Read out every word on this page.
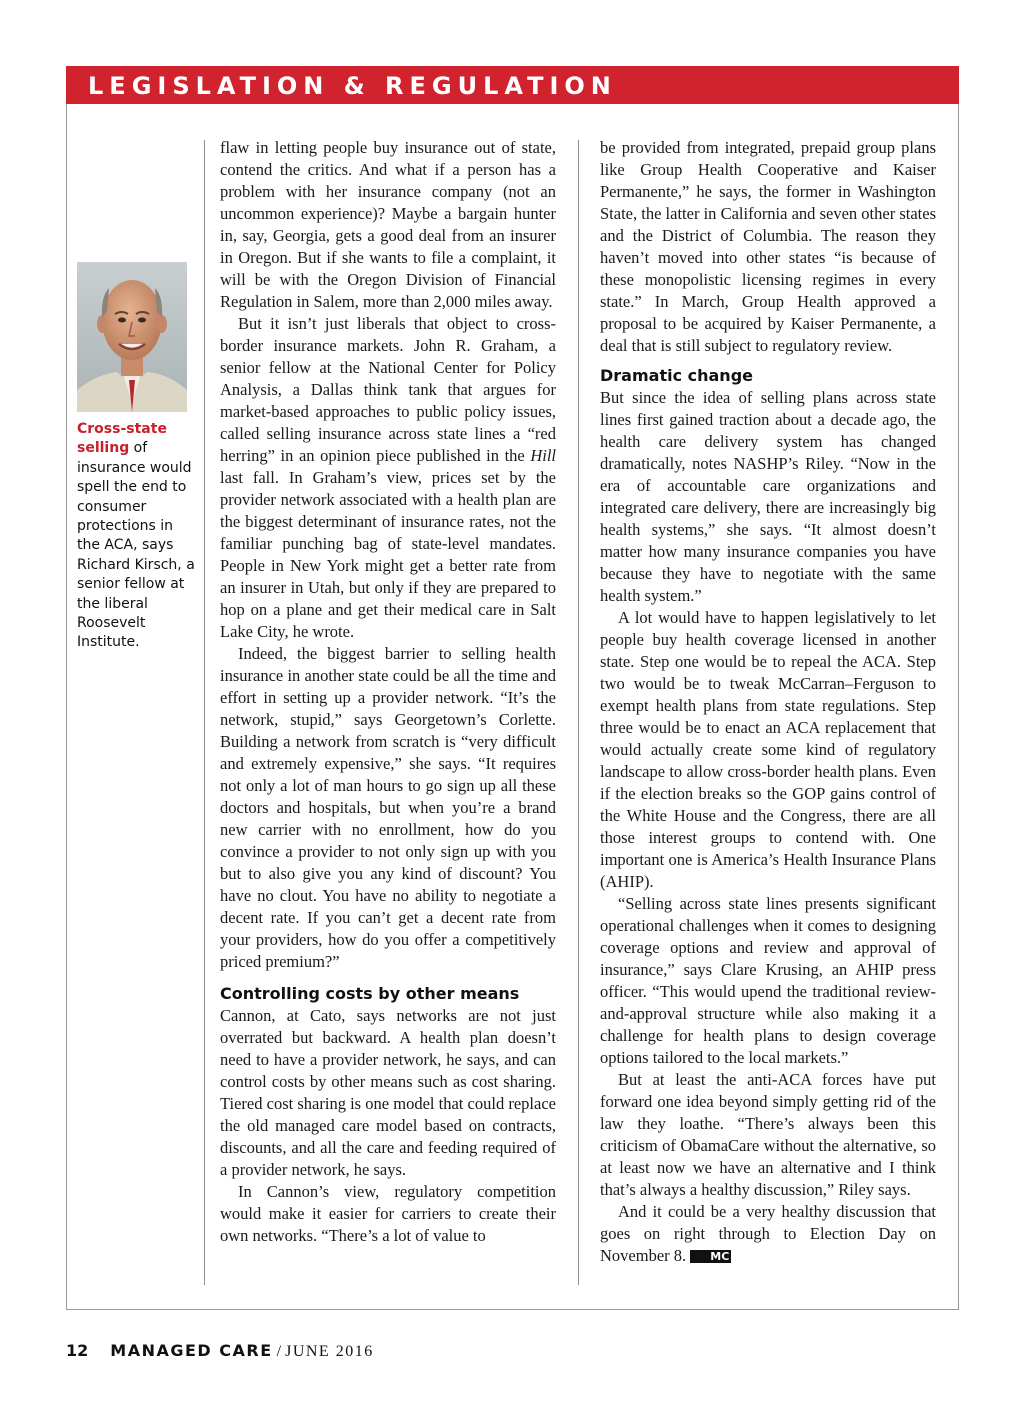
LEGISLATION & REGULATION
Cross-state selling of insurance would spell the end to consumer protections in the ACA, says Richard Kirsch, a senior fellow at the liberal Roosevelt Institute.

flaw in letting people buy insurance out of state, contend the critics. And what if a person has a problem with her insurance company (not an uncommon experience)? Maybe a bargain hunter in, say, Georgia, gets a good deal from an insurer in Oregon. But if she wants to file a complaint, it will be with the Oregon Division of Financial Regulation in Salem, more than 2,000 miles away.

But it isn’t just liberals that object to cross-border insurance markets. John R. Graham, a senior fellow at the National Center for Policy Analysis, a Dallas think tank that argues for market-based approaches to public policy issues, called selling insurance across state lines a “red herring” in an opinion piece published in the Hill last fall. In Graham’s view, prices set by the provider network associated with a health plan are the biggest determinant of insurance rates, not the familiar punching bag of state-level mandates. People in New York might get a better rate from an insurer in Utah, but only if they are prepared to hop on a plane and get their medical care in Salt Lake City, he wrote.

Indeed, the biggest barrier to selling health insurance in another state could be all the time and effort in setting up a provider network. “It’s the network, stupid,” says Georgetown’s Corlette. Building a network from scratch is “very difficult and extremely expensive,” she says. “It requires not only a lot of man hours to go sign up all these doctors and hospitals, but when you’re a brand new carrier with no enrollment, how do you convince a provider to not only sign up with you but to also give you any kind of discount? You have no clout. You have no ability to negotiate a decent rate. If you can’t get a decent rate from your providers, how do you offer a competitively priced premium?”

Controlling costs by other means

Cannon, at Cato, says networks are not just overrated but backward. A health plan doesn’t need to have a provider network, he says, and can control costs by other means such as cost sharing. Tiered cost sharing is one model that could replace the old managed care model based on contracts, discounts, and all the care and feeding required of a provider network, he says.

In Cannon’s view, regulatory competition would make it easier for carriers to create their own networks. “There’s a lot of value to

be provided from integrated, prepaid group plans like Group Health Cooperative and Kaiser Permanente,” he says, the former in Washington State, the latter in California and seven other states and the District of Columbia. The reason they haven’t moved into other states “is because of these monopolistic licensing regimes in every state.” In March, Group Health approved a proposal to be acquired by Kaiser Permanente, a deal that is still subject to regulatory review.

Dramatic change

But since the idea of selling plans across state lines first gained traction about a decade ago, the health care delivery system has changed dramatically, notes NASHP’s Riley. “Now in the era of accountable care organizations and integrated care delivery, there are increasingly big health systems,” she says. “It almost doesn’t matter how many insurance companies you have because they have to negotiate with the same health system.”

A lot would have to happen legislatively to let people buy health coverage licensed in another state. Step one would be to repeal the ACA. Step two would be to tweak McCarran–Ferguson to exempt health plans from state regulations. Step three would be to enact an ACA replacement that would actually create some kind of regulatory landscape to allow cross-border health plans. Even if the election breaks so the GOP gains control of the White House and the Congress, there are all those interest groups to contend with. One important one is America’s Health Insurance Plans (AHIP).

“Selling across state lines presents significant operational challenges when it comes to designing coverage options and review and approval of insurance,” says Clare Krusing, an AHIP press officer. “This would upend the traditional review-and-approval structure while also making it a challenge for health plans to design coverage options tailored to the local markets.”

But at least the anti-ACA forces have put forward one idea beyond simply getting rid of the law they loathe. “There’s always been this criticism of ObamaCare without the alternative, so at least now we have an alternative and I think that’s always a healthy discussion,” Riley says.

And it could be a very healthy discussion that goes on right through to Election Day on November 8. MC

12 MANAGED CARE / JUNE 2016
